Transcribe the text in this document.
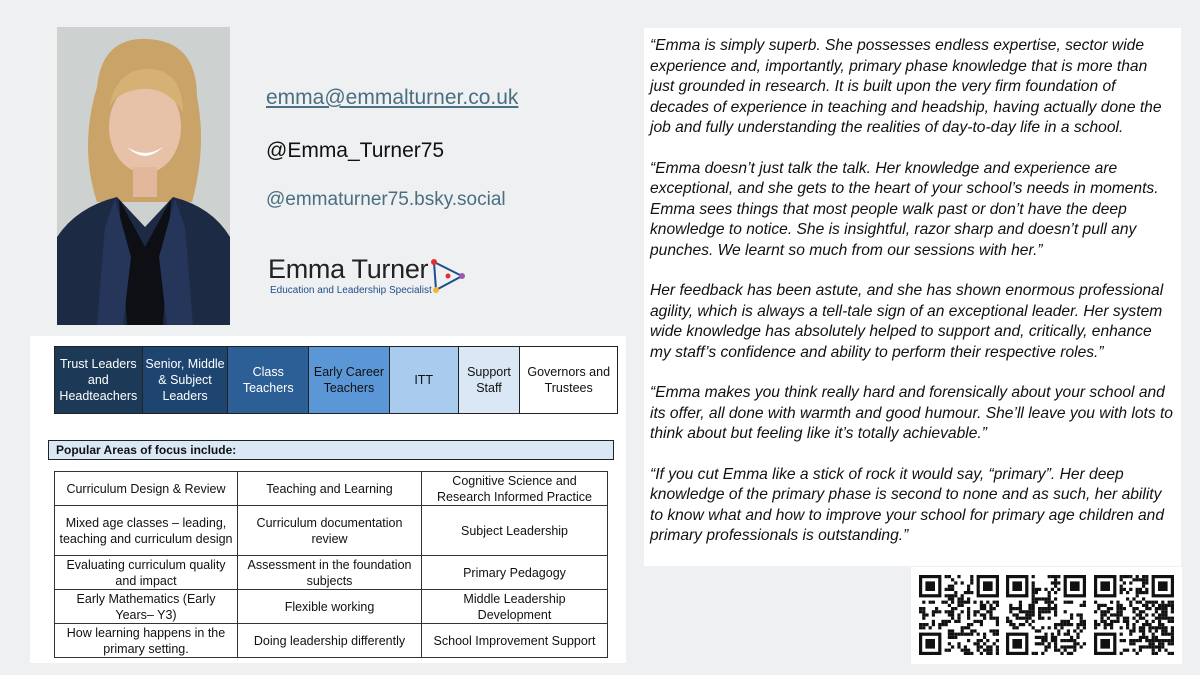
emma@emmalturner.co.uk
@Emma_Turner75
@emmaturner75.bsky.social
Emma Turner
Education and Leadership Specialist
Trust Leaders and Headteachers
Senior, Middle & Subject Leaders
Class Teachers
Early Career Teachers
ITT
Support Staff
Governors and Trustees
Popular Areas of focus include:
Curriculum Design & Review	Teaching and Learning	Cognitive Science and Research Informed Practice
Mixed age classes – leading, teaching and curriculum design	Curriculum documentation review	Subject Leadership
Evaluating curriculum quality and impact	Assessment in the foundation subjects	Primary Pedagogy
Early Mathematics (Early Years– Y3)	Flexible working	Middle Leadership Development
How learning happens in the primary setting.	Doing leadership differently	School Improvement Support

“Emma is simply superb. She possesses endless expertise, sector wide experience and, importantly, primary phase knowledge that is more than just grounded in research. It is built upon the very firm foundation of decades of experience in teaching and headship, having actually done the job and fully understanding the realities of day-to-day life in a school.

“Emma doesn’t just talk the talk. Her knowledge and experience are exceptional, and she gets to the heart of your school’s needs in moments. Emma sees things that most people walk past or don’t have the deep knowledge to notice. She is insightful, razor sharp and doesn’t pull any punches. We learnt so much from our sessions with her.”

Her feedback has been astute, and she has shown enormous professional agility, which is always a tell-tale sign of an exceptional leader. Her system wide knowledge has absolutely helped to support and, critically, enhance my staff’s confidence and ability to perform their respective roles.”

“Emma makes you think really hard and forensically about your school and its offer, all done with warmth and good humour. She’ll leave you with lots to think about but feeling like it’s totally achievable.”

“If you cut Emma like a stick of rock it would say, “primary”. Her deep knowledge of the primary phase is second to none and as such, her ability to know what and how to improve your school for primary age children and primary professionals is outstanding.”
